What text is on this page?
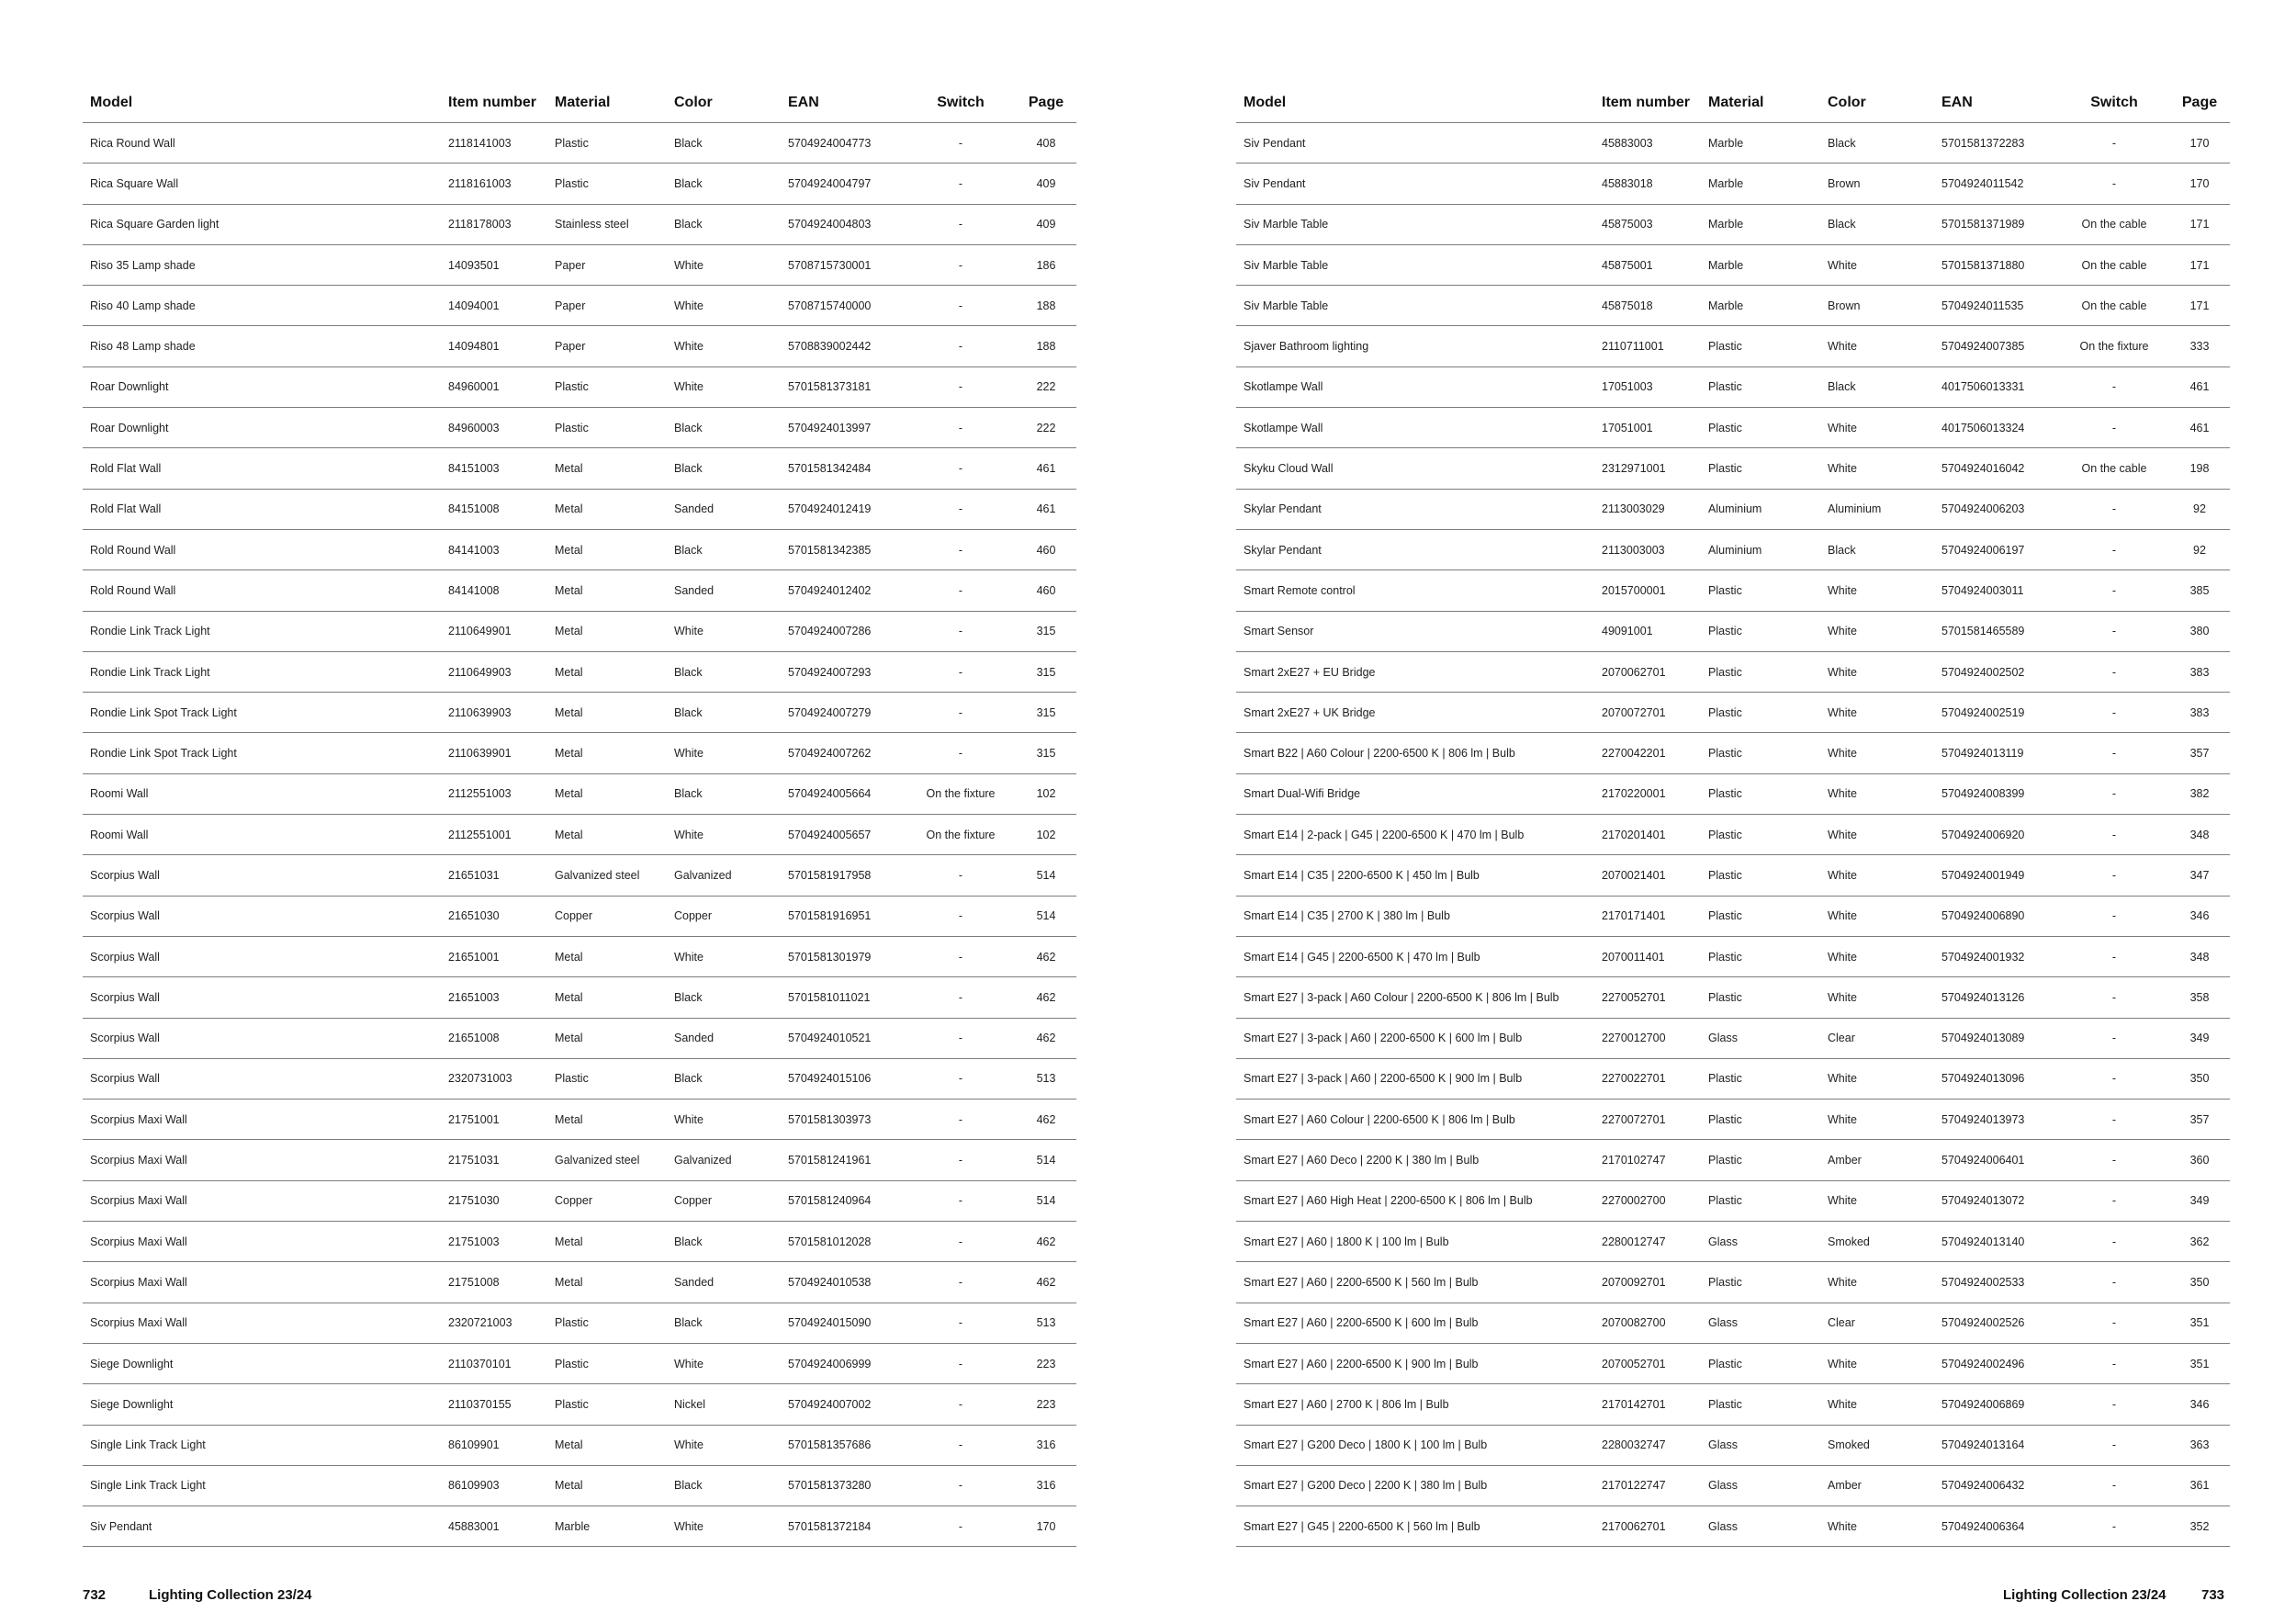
Model	Item number	Material	Color	EAN	Switch	Page
Rica Round Wall	2118141003	Plastic	Black	5704924004773	-	408
Rica Square Wall	2118161003	Plastic	Black	5704924004797	-	409
Rica Square Garden light	2118178003	Stainless steel	Black	5704924004803	-	409
Riso 35 Lamp shade	14093501	Paper	White	5708715730001	-	186
Riso 40 Lamp shade	14094001	Paper	White	5708715740000	-	188
Riso 48 Lamp shade	14094801	Paper	White	5708839002442	-	188
Roar Downlight	84960001	Plastic	White	5701581373181	-	222
Roar Downlight	84960003	Plastic	Black	5704924013997	-	222
Rold Flat Wall	84151003	Metal	Black	5701581342484	-	461
Rold Flat Wall	84151008	Metal	Sanded	5704924012419	-	461
Rold Round Wall	84141003	Metal	Black	5701581342385	-	460
Rold Round Wall	84141008	Metal	Sanded	5704924012402	-	460
Rondie Link Track Light	2110649901	Metal	White	5704924007286	-	315
Rondie Link Track Light	2110649903	Metal	Black	5704924007293	-	315
Rondie Link Spot Track Light	2110639903	Metal	Black	5704924007279	-	315
Rondie Link Spot Track Light	2110639901	Metal	White	5704924007262	-	315
Roomi Wall	2112551003	Metal	Black	5704924005664	On the fixture	102
Roomi Wall	2112551001	Metal	White	5704924005657	On the fixture	102
Scorpius Wall	21651031	Galvanized steel	Galvanized	5701581917958	-	514
Scorpius Wall	21651030	Copper	Copper	5701581916951	-	514
Scorpius Wall	21651001	Metal	White	5701581301979	-	462
Scorpius Wall	21651003	Metal	Black	5701581011021	-	462
Scorpius Wall	21651008	Metal	Sanded	5704924010521	-	462
Scorpius Wall	2320731003	Plastic	Black	5704924015106	-	513
Scorpius Maxi Wall	21751001	Metal	White	5701581303973	-	462
Scorpius Maxi Wall	21751031	Galvanized steel	Galvanized	5701581241961	-	514
Scorpius Maxi Wall	21751030	Copper	Copper	5701581240964	-	514
Scorpius Maxi Wall	21751003	Metal	Black	5701581012028	-	462
Scorpius Maxi Wall	21751008	Metal	Sanded	5704924010538	-	462
Scorpius Maxi Wall	2320721003	Plastic	Black	5704924015090	-	513
Siege Downlight	2110370101	Plastic	White	5704924006999	-	223
Siege Downlight	2110370155	Plastic	Nickel	5704924007002	-	223
Single Link Track Light	86109901	Metal	White	5701581357686	-	316
Single Link Track Light	86109903	Metal	Black	5701581373280	-	316
Siv Pendant	45883001	Marble	White	5701581372184	-	170
732	Lighting Collection 23/24
Model	Item number	Material	Color	EAN	Switch	Page
Siv Pendant	45883003	Marble	Black	5701581372283	-	170
Siv Pendant	45883018	Marble	Brown	5704924011542	-	170
Siv Marble Table	45875003	Marble	Black	5701581371989	On the cable	171
Siv Marble Table	45875001	Marble	White	5701581371880	On the cable	171
Siv Marble Table	45875018	Marble	Brown	5704924011535	On the cable	171
Sjaver Bathroom lighting	2110711001	Plastic	White	5704924007385	On the fixture	333
Skotlampe Wall	17051003	Plastic	Black	4017506013331	-	461
Skotlampe Wall	17051001	Plastic	White	4017506013324	-	461
Skyku Cloud Wall	2312971001	Plastic	White	5704924016042	On the cable	198
Skylar Pendant	2113003029	Aluminium	Aluminium	5704924006203	-	92
Skylar Pendant	2113003003	Aluminium	Black	5704924006197	-	92
Smart Remote control	2015700001	Plastic	White	5704924003011	-	385
Smart Sensor	49091001	Plastic	White	5701581465589	-	380
Smart 2xE27 + EU Bridge	2070062701	Plastic	White	5704924002502	-	383
Smart 2xE27 + UK Bridge	2070072701	Plastic	White	5704924002519	-	383
Smart B22 | A60 Colour | 2200-6500 K | 806 lm | Bulb	2270042201	Plastic	White	5704924013119	-	357
Smart Dual-Wifi Bridge	2170220001	Plastic	White	5704924008399	-	382
Smart E14 | 2-pack | G45 | 2200-6500 K | 470 lm | Bulb	2170201401	Plastic	White	5704924006920	-	348
Smart E14 | C35 | 2200-6500 K | 450 lm | Bulb	2070021401	Plastic	White	5704924001949	-	347
Smart E14 | C35 | 2700 K | 380 lm | Bulb	2170171401	Plastic	White	5704924006890	-	346
Smart E14 | G45 | 2200-6500 K | 470 lm | Bulb	2070011401	Plastic	White	5704924001932	-	348
Smart E27 | 3-pack | A60 Colour | 2200-6500 K | 806 lm | Bulb	2270052701	Plastic	White	5704924013126	-	358
Smart E27 | 3-pack | A60 | 2200-6500 K | 600 lm | Bulb	2270012700	Glass	Clear	5704924013089	-	349
Smart E27 | 3-pack | A60 | 2200-6500 K | 900 lm | Bulb	2270022701	Plastic	White	5704924013096	-	350
Smart E27 | A60 Colour | 2200-6500 K | 806 lm | Bulb	2270072701	Plastic	White	5704924013973	-	357
Smart E27 | A60 Deco | 2200 K | 380 lm | Bulb	2170102747	Plastic	Amber	5704924006401	-	360
Smart E27 | A60 High Heat | 2200-6500 K | 806 lm | Bulb	2270002700	Plastic	White	5704924013072	-	349
Smart E27 | A60 | 1800 K | 100 lm | Bulb	2280012747	Glass	Smoked	5704924013140	-	362
Smart E27 | A60 | 2200-6500 K | 560 lm | Bulb	2070092701	Plastic	White	5704924002533	-	350
Smart E27 | A60 | 2200-6500 K | 600 lm | Bulb	2070082700	Glass	Clear	5704924002526	-	351
Smart E27 | A60 | 2200-6500 K | 900 lm | Bulb	2070052701	Plastic	White	5704924002496	-	351
Smart E27 | A60 | 2700 K | 806 lm | Bulb	2170142701	Plastic	White	5704924006869	-	346
Smart E27 | G200 Deco | 1800 K | 100 lm | Bulb	2280032747	Glass	Smoked	5704924013164	-	363
Smart E27 | G200 Deco | 2200 K | 380 lm | Bulb	2170122747	Glass	Amber	5704924006432	-	361
Smart E27 | G45 | 2200-6500 K | 560 lm | Bulb	2170062701	Glass	White	5704924006364	-	352
Lighting Collection 23/24	733
